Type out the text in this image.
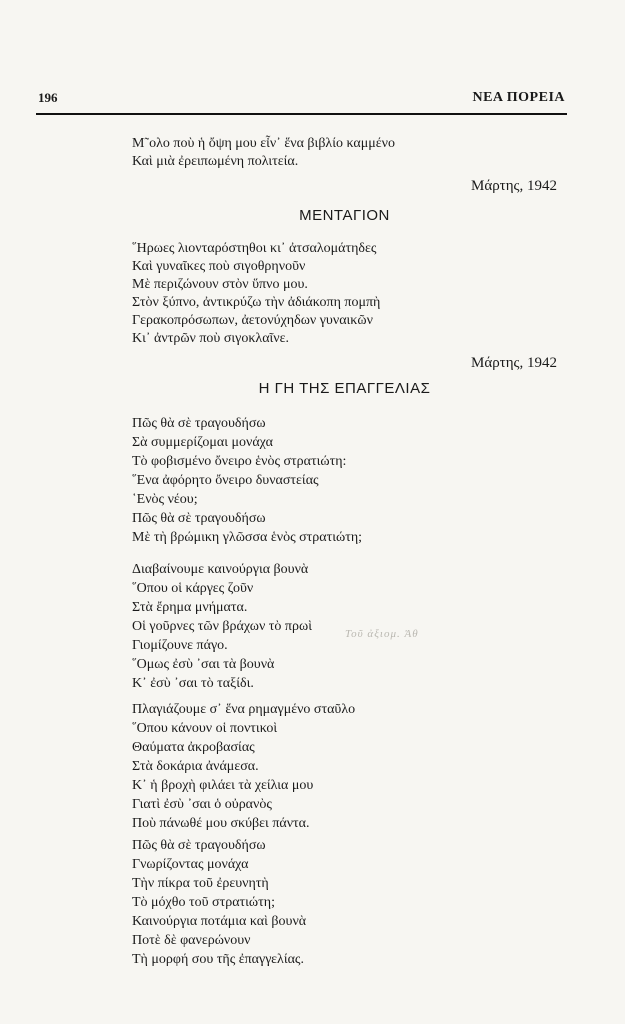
196	ΝΕΑ ΠΟΡΕΙΑ
Μ῀ολο ποὺ ἡ ὄψη μου εἶν᾿ ἕνα βιβλίο καμμένο
Καὶ μιὰ ἐρειπωμένη πολιτεία.
Μάρτης, 1942
ΜΕΝΤΑΓΙΟΝ
῞Ηρωες λιονταρόστηθοι κι᾿ ἀτσαλομάτηδες
Καὶ γυναῖκες ποὺ σιγοθρηνοῦν
Μὲ περιζώνουν στὸν ὕπνο μου.
Στὸν ξύπνο, ἀντικρύζω τὴν ἀδιάκοπη πομπὴ
Γερακοπρόσωπων, ἀετονύχηδων γυναικῶν
Κι᾿ ἀντρῶν ποὺ σιγοκλαῖνε.
Μάρτης, 1942
Η ΓΗ ΤΗΣ ΕΠΑΓΓΕΛΙΑΣ
Πῶς θὰ σὲ τραγουδήσω
Σὰ συμμερίζομαι μονάχα
Τὸ φοβισμένο ὄνειρο ἑνὸς στρατιώτη:
῞Ενα ἀφόρητο ὄνειρο δυναστείας
῾Ενὸς νέου;
Πῶς θὰ σὲ τραγουδήσω
Μὲ τὴ βρώμικη γλῶσσα ἑνὸς στρατιώτη;
Διαβαίνουμε καινούργια βουνὰ
῞Οπου οἱ κάργες ζοῦν
Στὰ ἔρημα μνήματα.
Οἱ γοῦρνες τῶν βράχων τὸ πρωὶ
Γιομίζουνε πάγο.
῞Ομως ἐσὺ ᾿σαι τὰ βουνὰ
Κ᾿ ἐσὺ ᾿σαι τὸ ταξίδι.
Πλαγιάζουμε σ᾿ ἕνα ρημαγμένο σταῦλο
῞Οπου κάνουν οἱ ποντικοὶ
Θαύματα ἀκροβασίας
Στὰ δοκάρια ἀνάμεσα.
Κ᾿ ἡ βροχὴ φιλάει τὰ χείλια μου
Γιατὶ ἐσὺ ᾿σαι ὁ οὐρανὸς
Ποὺ πάνωθέ μου σκύβει πάντα.
Πῶς θὰ σὲ τραγουδήσω
Γνωρίζοντας μονάχα
Τὴν πίκρα τοῦ ἐρευνητὴ
Τὸ μόχθο τοῦ στρατιώτη;
Καινούργια ποτάμια καὶ βουνὰ
Ποτὲ δὲ φανερώνουν
Τὴ μορφή σου τῆς ἐπαγγελίας.
Τοῦ ἀξιομ. Ἀθ
